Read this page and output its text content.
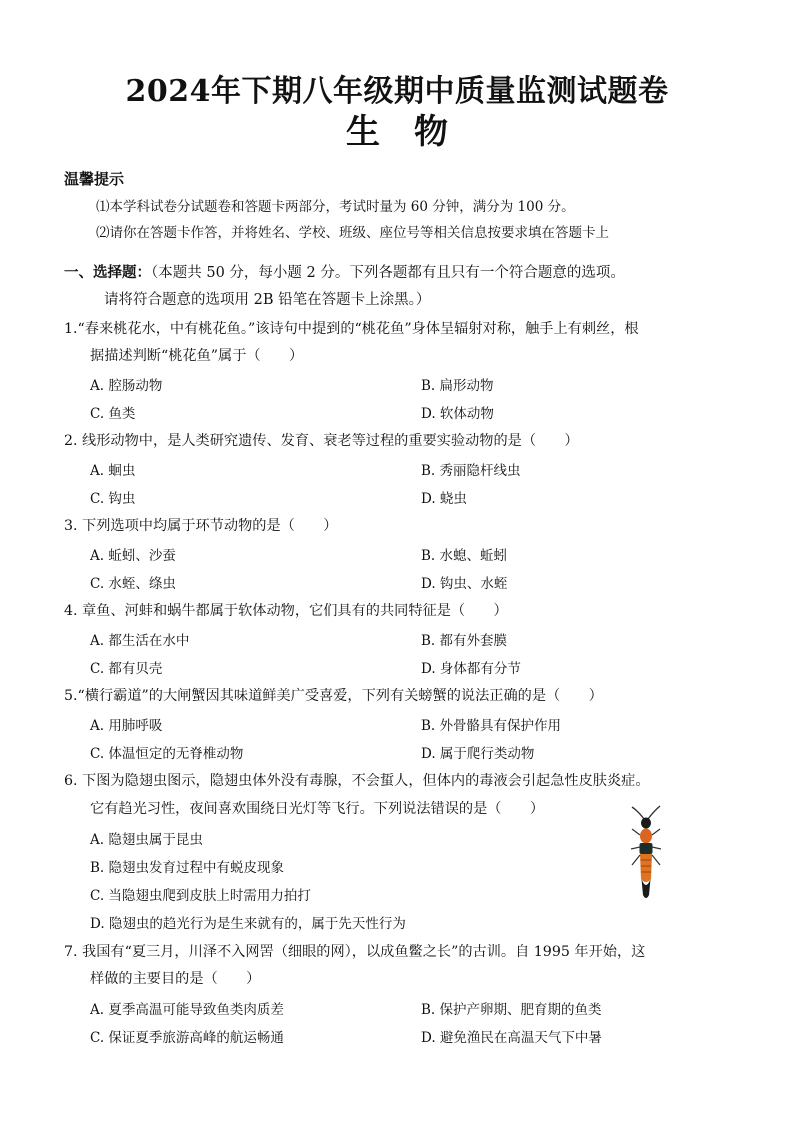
2024年下期八年级期中质量监测试题卷
生　物
温馨提示
⑴本学科试卷分试题卷和答题卡两部分，考试时量为 60 分钟，满分为 100 分。
⑵请你在答题卡作答，并将姓名、学校、班级、座位号等相关信息按要求填在答题卡上
一、选择题：（本题共 50 分，每小题 2 分。下列各题都有且只有一个符合题意的选项。
请将符合题意的选项用 2B 铅笔在答题卡上涂黑。）
1.“春来桃花水，中有桃花鱼。”该诗句中提到的“桃花鱼”身体呈辐射对称，触手上有刺丝，根
据描述判断“桃花鱼”属于（　　）
A. 腔肠动物	B. 扁形动物
C. 鱼类	D. 软体动物
2. 线形动物中，是人类研究遗传、发育、衰老等过程的重要实验动物的是（　　）
A. 蛔虫	B. 秀丽隐杆线虫
C. 钩虫	D. 蛲虫
3. 下列选项中均属于环节动物的是（　　）
A. 蚯蚓、沙蚕	B. 水螅、蚯蚓
C. 水蛭、绦虫	D. 钩虫、水蛭
4. 章鱼、河蚌和蜗牛都属于软体动物，它们具有的共同特征是（　　）
A. 都生活在水中	B. 都有外套膜
C. 都有贝壳	D. 身体都有分节
5.“横行霸道”的大闸蟹因其味道鲜美广受喜爱，下列有关螃蟹的说法正确的是（　　）
A. 用肺呼吸	B. 外骨骼具有保护作用
C. 体温恒定的无脊椎动物	D. 属于爬行类动物
6. 下图为隐翅虫图示，隐翅虫体外没有毒腺，不会蜇人，但体内的毒液会引起急性皮肤炎症。
它有趋光习性，夜间喜欢围绕日光灯等飞行。下列说法错误的是（　　）
A. 隐翅虫属于昆虫
B. 隐翅虫发育过程中有蜕皮现象
C. 当隐翅虫爬到皮肤上时需用力拍打
D. 隐翅虫的趋光行为是生来就有的，属于先天性行为
7. 我国有“夏三月，川泽不入网罟（细眼的网），以成鱼鳖之长”的古训。自 1995 年开始，这
样做的主要目的是（　　）
A. 夏季高温可能导致鱼类肉质差	B. 保护产卵期、肥育期的鱼类
C. 保证夏季旅游高峰的航运畅通	D. 避免渔民在高温天气下中暑
